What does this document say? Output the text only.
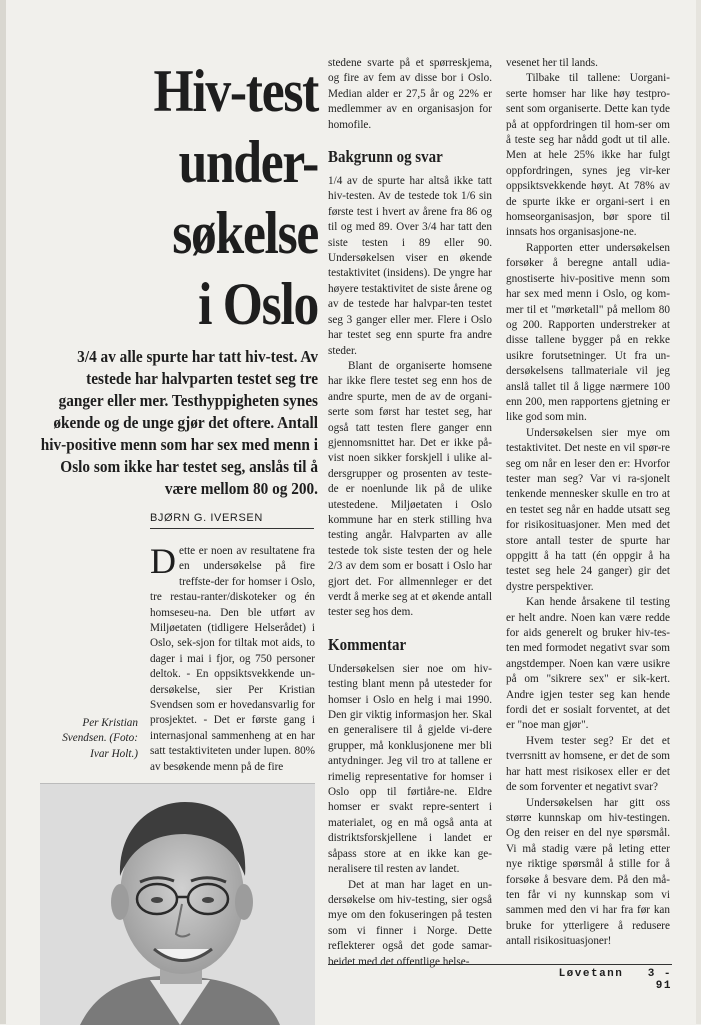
Hiv-test
under-
søkelse
i Oslo
3/4 av alle spurte har tatt hiv-test. Av testede har halvparten testet seg tre ganger eller mer. Testhyppigheten synes økende og de unge gjør det oftere. Antall hiv-positive menn som har sex med menn i Oslo som ikke har testet seg, anslås til å være mellom 80 og 200.
BJØRN G. IVERSEN
Dette er noen av resultatene fra en undersøkelse på fire treffste-der for homser i Oslo, tre restau-ranter/diskoteker og én homseseu-na. Den ble utført av Miljøetaten (tidligere Helserådet) i Oslo, sek-sjon for tiltak mot aids, to dager i mai i fjor, og 750 personer deltok. - En oppsiktsvekkende un-dersøkelse, sier Per Kristian Svendsen som er hovedansvarlig for prosjektet. - Det er første gang i internasjonal sammenheng at en har satt testaktiviteten under lupen. 80% av besøkende menn på de fire
Per Kristian Svendsen. (Foto: Ivar Holt.)

stedene svarte på et spørreskjema, og fire av fem av disse bor i Oslo. Median alder er 27,5 år og 22% er medlemmer av en organisasjon for homofile.

Bakgrunn og svar

1/4 av de spurte har altså ikke tatt hiv-testen. Av de testede tok 1/6 sin første test i hvert av årene fra 86 og til og med 89. Over 3/4 har tatt den siste testen i 89 eller 90. Undersøkelsen viser en økende testaktivitet (insidens). De yngre har høyere testaktivitet de siste årene og av de testede har halvpar-ten testet seg 3 ganger eller mer. Flere i Oslo har testet seg enn spurte fra andre steder.

Blant de organiserte homsene har ikke flere testet seg enn hos de andre spurte, men de av de organi-serte som først har testet seg, har også tatt testen flere ganger enn gjennomsnittet har. Det er ikke på-vist noen sikker forskjell i ulike al-dersgrupper og prosenten av teste-de er noenlunde lik på de ulike utestedene. Miljøetaten i Oslo kommune har en sterk stilling hva testing angår. Halvparten av alle testede tok siste testen der og hele 2/3 av dem som er bosatt i Oslo har gjort det. For allmennleger er det verdt å merke seg at et økende antall tester seg hos dem.

Kommentar

Undersøkelsen sier noe om hiv-testing blant menn på utesteder for homser i Oslo en helg i mai 1990. Den gir viktig informasjon her. Skal en generalisere til å gjelde vi-dere grupper, må konklusjonene mer bli antydninger. Jeg vil tro at tallene er rimelig representative for homser i Oslo opp til førtiåre-ne. Eldre homser er svakt repre-sentert i materialet, og en må også anta at distriktsforskjellene i landet er såpass store at en ikke kan ge-neralisere til resten av landet.

Det at man har laget en un-dersøkelse om hiv-testing, sier også mye om den fokuseringen på testen som vi finner i Norge. Dette reflekterer også det gode samar-beidet med det offentlige helse-

vesenet her til lands.

Tilbake til tallene: Uorgani-serte homser har like høy testpro-sent som organiserte. Dette kan tyde på at oppfordringen til hom-ser om å teste seg har nådd godt ut til alle. Men at hele 25% ikke har fulgt oppfordringen, synes jeg vir-ker oppsiktsvekkende høyt. At 78% av de spurte ikke er organi-sert i en homseorganisasjon, bør spore til innsats hos organisasjone-ne.

Rapporten etter undersøkelsen forsøker å beregne antall udia-gnostiserte hiv-positive menn som har sex med menn i Oslo, og kom-mer til et "mørketall" på mellom 80 og 200. Rapporten understreker at disse tallene bygger på en rekke usikre forutsetninger. Ut fra un-dersøkelsens tallmateriale vil jeg anslå tallet til å ligge nærmere 100 enn 200, men rapportens gjetning er like god som min.

Undersøkelsen sier mye om testaktivitet. Det neste en vil spør-re seg om når en leser den er: Hvorfor tester man seg? Var vi ra-sjonelt tenkende mennesker skulle en tro at en testet seg når en hadde utsatt seg for risikosituasjoner. Men med det store antall tester de spurte har oppgitt å ha tatt (én oppgir å ha testet seg hele 24 ganger) gir det dystre perspektiver.

Kan hende årsakene til testing er helt andre. Noen kan være redde for aids generelt og bruker hiv-tes-ten med formodet negativt svar som angstdemper. Noen kan være usikre på om "sikrere sex" er sik-kert. Andre igjen tester seg kan hende fordi det er sosialt forventet, at det er "noe man gjør".

Hvem tester seg? Er det et tverrsnitt av homsene, er det de som har hatt mest risikosex eller er det de som forventer et negativt svar?

Undersøkelsen har gitt oss større kunnskap om hiv-testingen. Og den reiser en del nye spørsmål. Vi må stadig være på leting etter nye riktige spørsmål å stille for å forsøke å besvare dem. På den må-ten får vi ny kunnskap som vi sammen med den vi har fra før kan bruke for ytterligere å redusere antall risikosituasjoner!

Løvetann 3 - 91
